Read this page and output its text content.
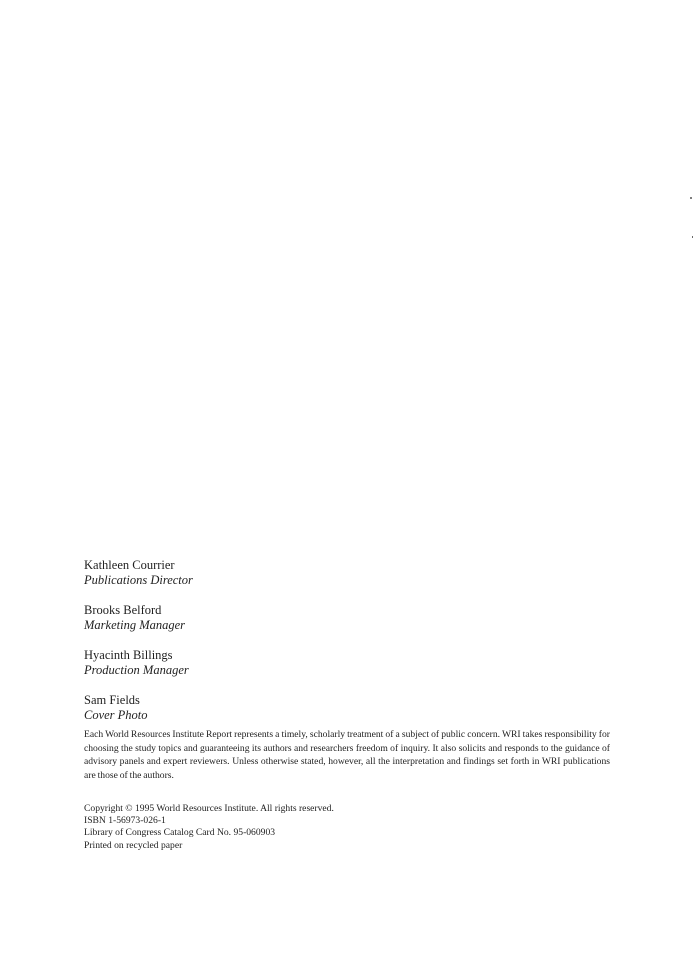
Kathleen Courrier
Publications Director
Brooks Belford
Marketing Manager
Hyacinth Billings
Production Manager
Sam Fields
Cover Photo

Each World Resources Institute Report represents a timely, scholarly treatment of a subject of public concern. WRI takes responsibility for choosing the study topics and guaranteeing its authors and researchers freedom of inquiry. It also solicits and responds to the guidance of advisory panels and expert reviewers. Unless otherwise stated, however, all the interpretation and findings set forth in WRI publications are those of the authors.

Copyright © 1995 World Resources Institute. All rights reserved.
ISBN 1-56973-026-1
Library of Congress Catalog Card No. 95-060903
Printed on recycled paper
